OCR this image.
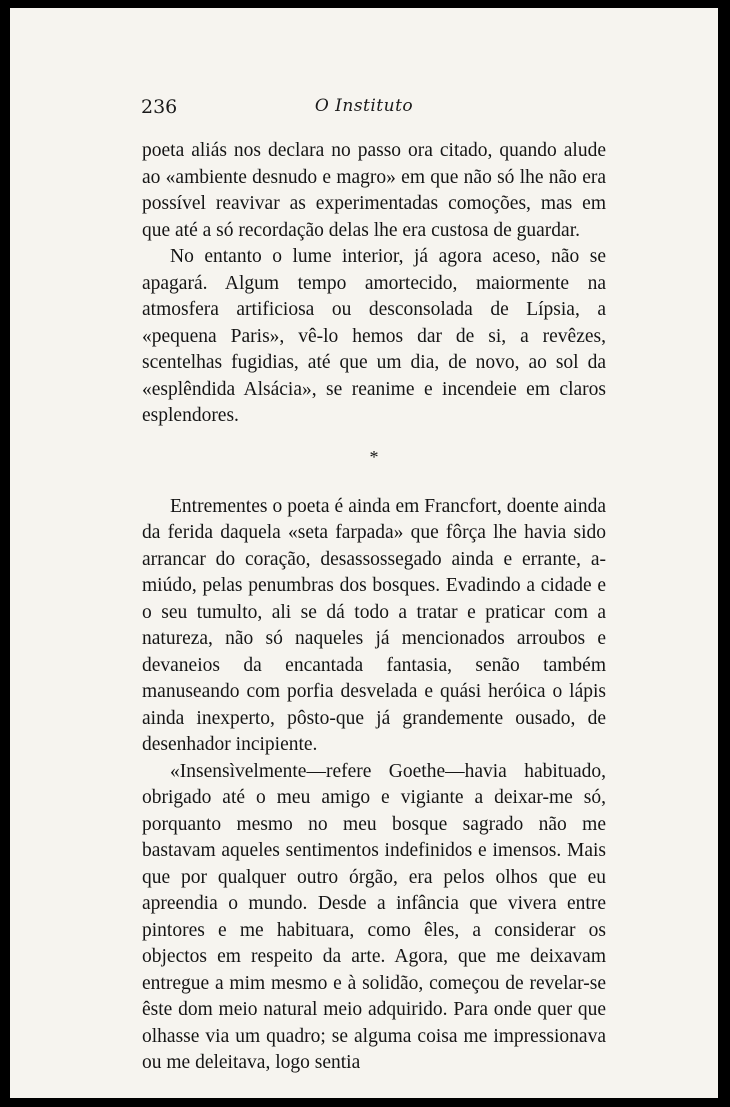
236	O Instituto

poeta aliás nos declara no passo ora citado, quando alude ao «ambiente desnudo e magro» em que não só lhe não era possível reavivar as experimentadas comoções, mas em que até a só recordação delas lhe era custosa de guardar.

No entanto o lume interior, já agora aceso, não se apagará. Algum tempo amortecido, maiormente na atmosfera artificiosa ou desconsolada de Lípsia, a «pequena Paris», vê-lo hemos dar de si, a revêzes, scentelhas fugidias, até que um dia, de novo, ao sol da «esplêndida Alsácia», se reanime e incendeie em claros esplendores.

*

Entrementes o poeta é ainda em Francfort, doente ainda da ferida daquela «seta farpada» que fôrça lhe havia sido arrancar do coração, desassossegado ainda e errante, a-miúdo, pelas penumbras dos bosques. Evadindo a cidade e o seu tumulto, ali se dá todo a tratar e praticar com a natureza, não só naqueles já mencionados arroubos e devaneios da encantada fantasia, senão também manuseando com porfia desvelada e quási heróica o lápis ainda inexperto, pôsto-que já grandemente ousado, de desenhador incipiente.

«Insensìvelmente—refere Goethe—havia habituado, obrigado até o meu amigo e vigiante a deixar-me só, porquanto mesmo no meu bosque sagrado não me bastavam aqueles sentimentos indefinidos e imensos. Mais que por qualquer outro órgão, era pelos olhos que eu apreendia o mundo. Desde a infância que vivera entre pintores e me habituara, como êles, a considerar os objectos em respeito da arte. Agora, que me deixavam entregue a mim mesmo e à solidão, começou de revelar-se êste dom meio natural meio adquirido. Para onde quer que olhasse via um quadro; se alguma coisa me impressionava ou me deleitava, logo sentia
